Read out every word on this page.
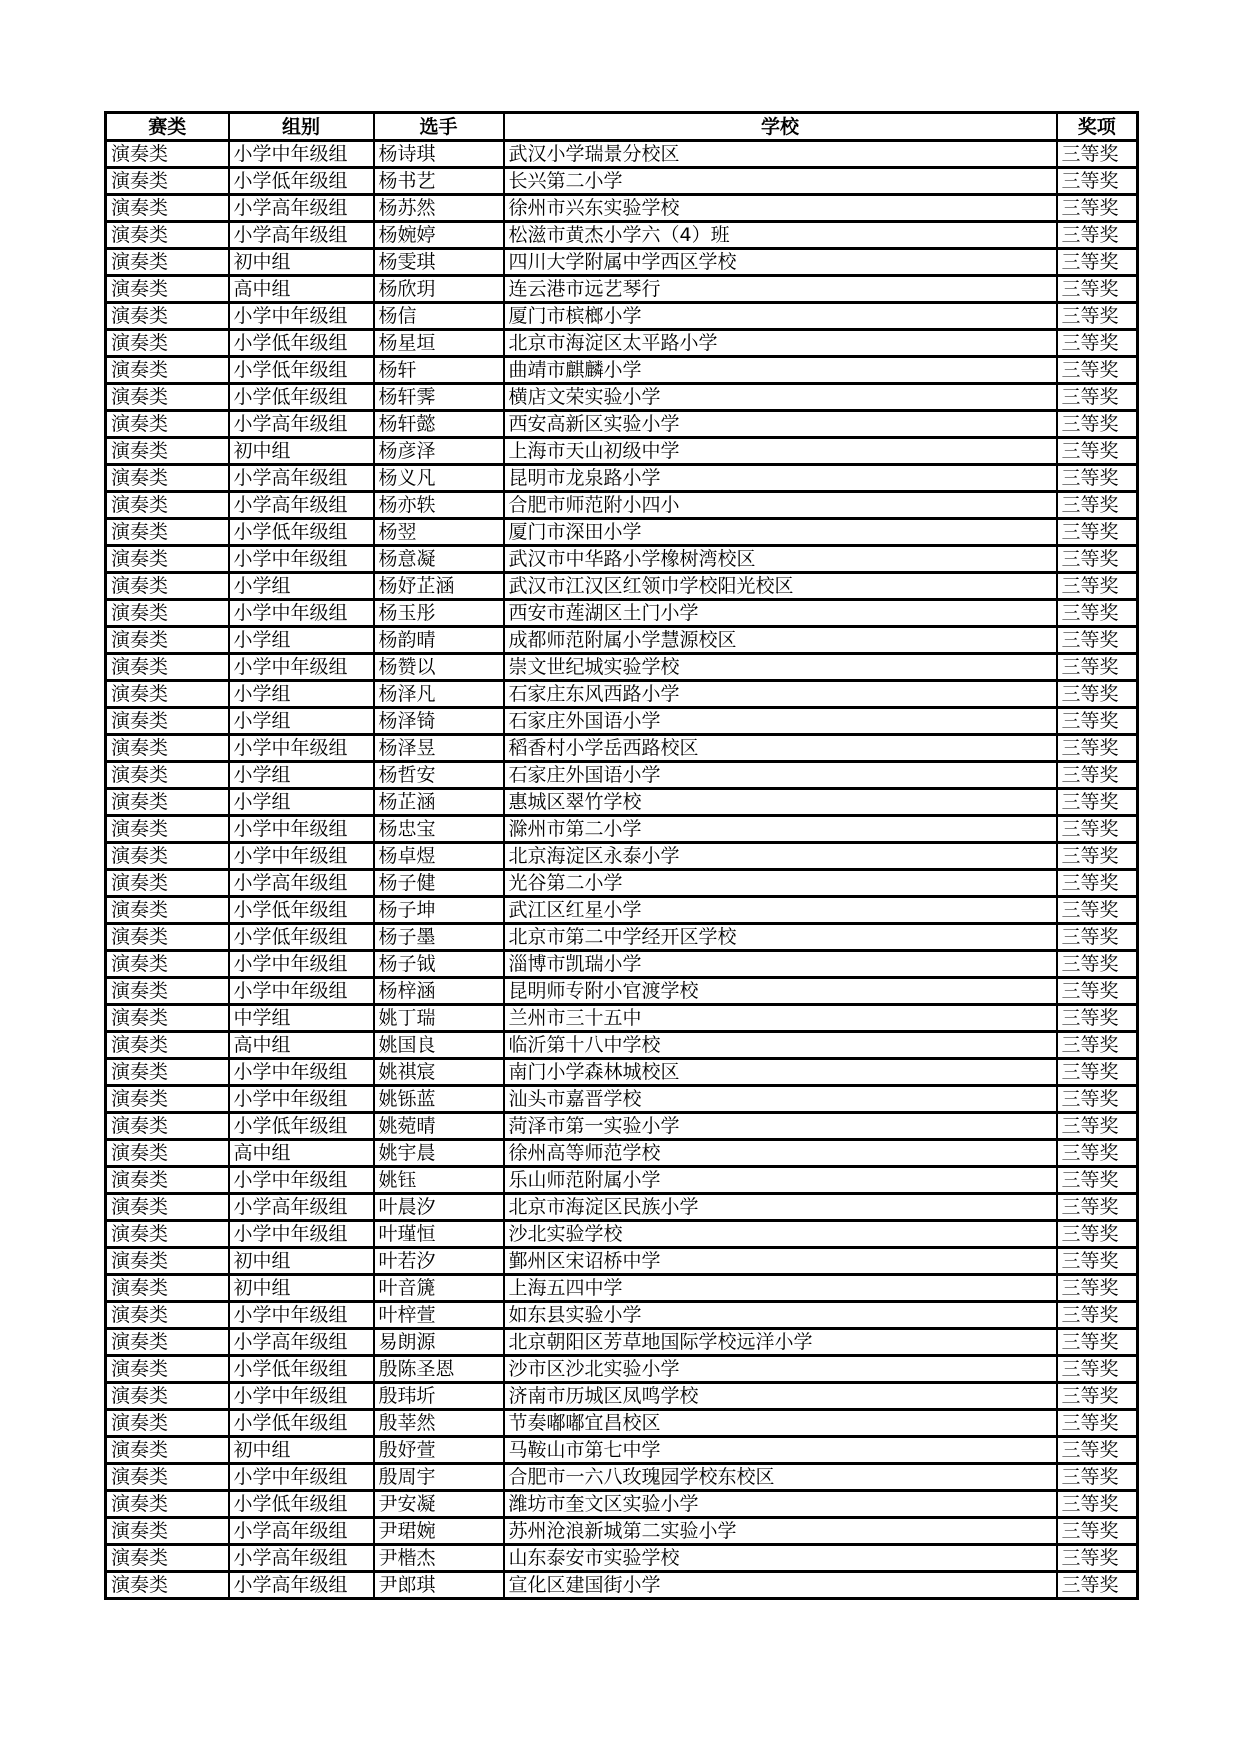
赛类	组别	选手	学校	奖项
演奏类	小学中年级组	杨诗琪	武汉小学瑞景分校区	三等奖
演奏类	小学低年级组	杨书艺	长兴第二小学	三等奖
演奏类	小学高年级组	杨苏然	徐州市兴东实验学校	三等奖
演奏类	小学高年级组	杨婉婷	松滋市黄杰小学六（4）班	三等奖
演奏类	初中组	杨雯琪	四川大学附属中学西区学校	三等奖
演奏类	高中组	杨欣玥	连云港市远艺琴行	三等奖
演奏类	小学中年级组	杨信	厦门市槟榔小学	三等奖
演奏类	小学低年级组	杨星垣	北京市海淀区太平路小学	三等奖
演奏类	小学低年级组	杨轩	曲靖市麒麟小学	三等奖
演奏类	小学低年级组	杨轩霁	横店文荣实验小学	三等奖
演奏类	小学高年级组	杨轩懿	西安高新区实验小学	三等奖
演奏类	初中组	杨彦泽	上海市天山初级中学	三等奖
演奏类	小学高年级组	杨义凡	昆明市龙泉路小学	三等奖
演奏类	小学高年级组	杨亦轶	合肥市师范附小四小	三等奖
演奏类	小学低年级组	杨翌	厦门市深田小学	三等奖
演奏类	小学中年级组	杨意凝	武汉市中华路小学橡树湾校区	三等奖
演奏类	小学组	杨妤芷涵	武汉市江汉区红领巾学校阳光校区	三等奖
演奏类	小学中年级组	杨玉彤	西安市莲湖区土门小学	三等奖
演奏类	小学组	杨韵晴	成都师范附属小学慧源校区	三等奖
演奏类	小学中年级组	杨赞以	崇文世纪城实验学校	三等奖
演奏类	小学组	杨泽凡	石家庄东风西路小学	三等奖
演奏类	小学组	杨泽锜	石家庄外国语小学	三等奖
演奏类	小学中年级组	杨泽昱	稻香村小学岳西路校区	三等奖
演奏类	小学组	杨哲安	石家庄外国语小学	三等奖
演奏类	小学组	杨芷涵	惠城区翠竹学校	三等奖
演奏类	小学中年级组	杨忠宝	滁州市第二小学	三等奖
演奏类	小学中年级组	杨卓煜	北京海淀区永泰小学	三等奖
演奏类	小学高年级组	杨子健	光谷第二小学	三等奖
演奏类	小学低年级组	杨子坤	武江区红星小学	三等奖
演奏类	小学低年级组	杨子墨	北京市第二中学经开区学校	三等奖
演奏类	小学中年级组	杨子钺	淄博市凯瑞小学	三等奖
演奏类	小学中年级组	杨梓涵	昆明师专附小官渡学校	三等奖
演奏类	中学组	姚丁瑞	兰州市三十五中	三等奖
演奏类	高中组	姚国良	临沂第十八中学校	三等奖
演奏类	小学中年级组	姚祺宸	南门小学森林城校区	三等奖
演奏类	小学中年级组	姚铄蓝	汕头市嘉晋学校	三等奖
演奏类	小学低年级组	姚菀晴	菏泽市第一实验小学	三等奖
演奏类	高中组	姚宇晨	徐州高等师范学校	三等奖
演奏类	小学中年级组	姚钰	乐山师范附属小学	三等奖
演奏类	小学高年级组	叶晨汐	北京市海淀区民族小学	三等奖
演奏类	小学中年级组	叶瑾恒	沙北实验学校	三等奖
演奏类	初中组	叶若汐	鄞州区宋诏桥中学	三等奖
演奏类	初中组	叶音篪	上海五四中学	三等奖
演奏类	小学中年级组	叶梓萱	如东县实验小学	三等奖
演奏类	小学高年级组	易朗源	北京朝阳区芳草地国际学校远洋小学	三等奖
演奏类	小学低年级组	殷陈圣恩	沙市区沙北实验小学	三等奖
演奏类	小学中年级组	殷玮圻	济南市历城区凤鸣学校	三等奖
演奏类	小学低年级组	殷莘然	节奏嘟嘟宜昌校区	三等奖
演奏类	初中组	殷妤萱	马鞍山市第七中学	三等奖
演奏类	小学中年级组	殷周宇	合肥市一六八玫瑰园学校东校区	三等奖
演奏类	小学低年级组	尹安凝	潍坊市奎文区实验小学	三等奖
演奏类	小学高年级组	尹珺婉	苏州沧浪新城第二实验小学	三等奖
演奏类	小学高年级组	尹楷杰	山东泰安市实验学校	三等奖
演奏类	小学高年级组	尹郎琪	宣化区建国街小学	三等奖
